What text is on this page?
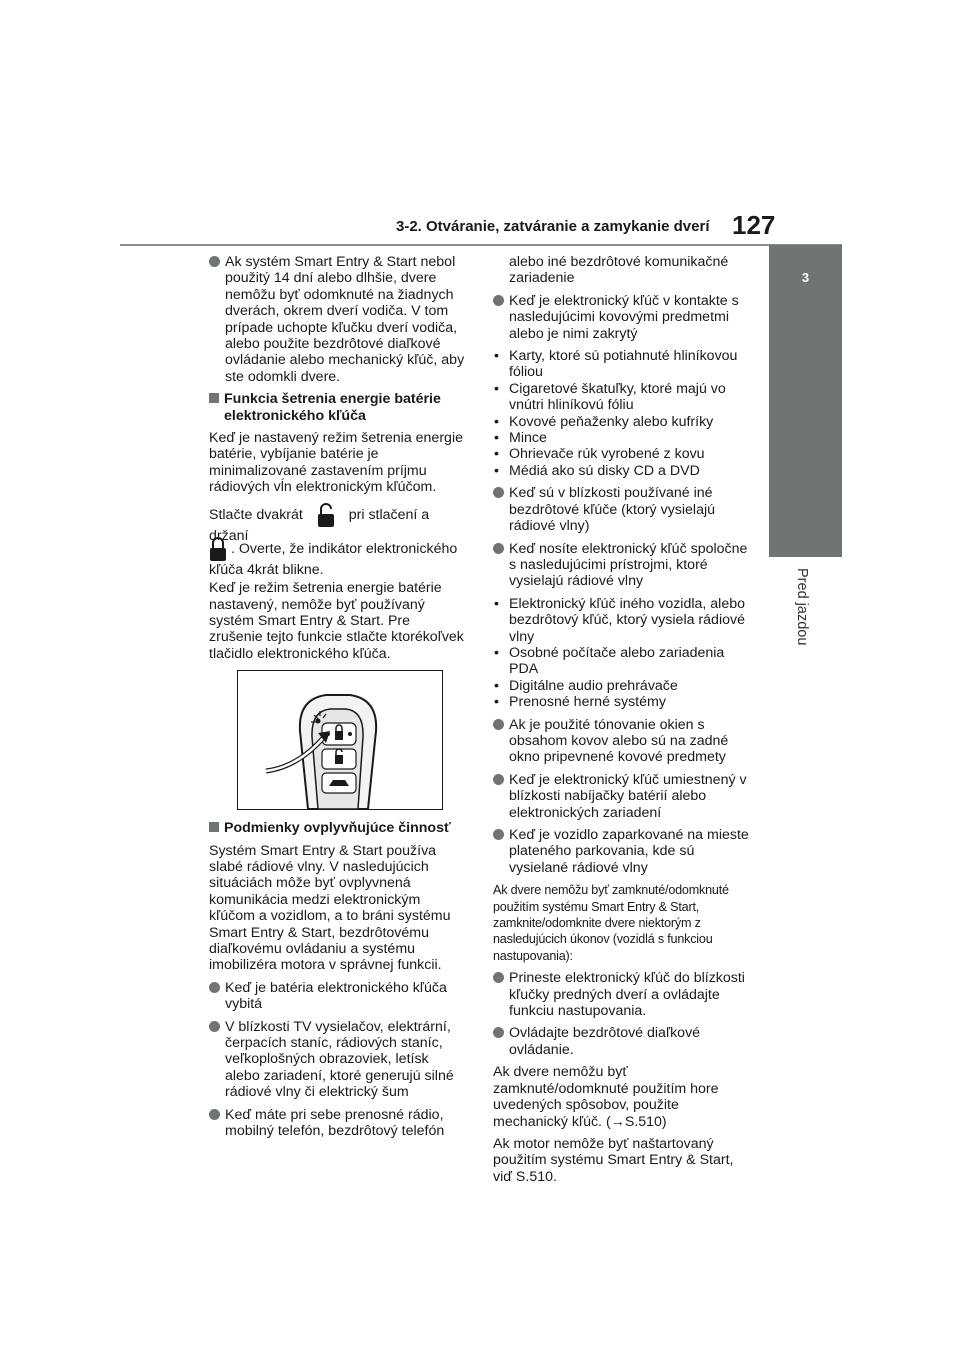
3-2. Otváranie, zatváranie a zamykanie dverí 127
3
Pred jazdou
Ak systém Smart Entry & Start nebol použitý 14 dní alebo dlhšie, dvere nemôžu byť odomknuté na žiadnych dverách, okrem dverí vodiča. V tom prípade uchopte kľučku dverí vodiča, alebo použite bezdrôtové diaľkové ovládanie alebo mechanický kľúč, aby ste odomkli dvere.
Funkcia šetrenia energie batérie elektronického kľúča

Keď je nastavený režim šetrenia energie batérie, vybíjanie batérie je minimalizované zastavením príjmu rádiových vĺn elektronickým kľúčom.

Stlačte dvakrát	pri stlačení a držaní
. Overte, že indikátor elektronického kľúča 4krát blikne.

Keď je režim šetrenia energie batérie nastavený, nemôže byť používaný systém Smart Entry & Start. Pre zrušenie tejto funkcie stlačte ktorékoľvek tlačidlo elektronického kľúča.

Podmienky ovplyvňujúce činnosť

Systém Smart Entry & Start používa slabé rádiové vlny. V nasledujúcich situáciách môže byť ovplyvnená komunikácia medzi elektronickým kľúčom a vozidlom, a to bráni systému Smart Entry & Start, bezdrôtovému diaľkovému ovládaniu a systému imobilizéra motora v správnej funkcii.

Keď je batéria elektronického kľúča vybitá
V blízkosti TV vysielačov, elektrární, čerpacích staníc, rádiových staníc, veľkoplošných obrazoviek, letísk alebo zariadení, ktoré generujú silné rádiové vlny či elektrický šum
Keď máte pri sebe prenosné rádio, mobilný telefón, bezdrôtový telefón

alebo iné bezdrôtové komunikačné zariadenie

Keď je elektronický kľúč v kontakte s nasledujúcimi kovovými predmetmi alebo je nimi zakrytý
• Karty, ktoré sú potiahnuté hliníkovou fóliou
• Cigaretové škatuľky, ktoré majú vo vnútri hliníkovú fóliu
• Kovové peňaženky alebo kufríky
• Mince
• Ohrievače rúk vyrobené z kovu
• Médiá ako sú disky CD a DVD
Keď sú v blízkosti používané iné bezdrôtové kľúče (ktorý vysielajú rádiové vlny)
Keď nosíte elektronický kľúč spoločne s nasledujúcimi prístrojmi, ktoré vysielajú rádiové vlny
• Elektronický kľúč iného vozidla, alebo bezdrôtový kľúč, ktorý vysiela rádiové vlny
• Osobné počítače alebo zariadenia PDA
• Digitálne audio prehrávače
• Prenosné herné systémy
Ak je použité tónovanie okien s obsahom kovov alebo sú na zadné okno pripevnené kovové predmety
Keď je elektronický kľúč umiestnený v blízkosti nabíjačky batérií alebo elektronických zariadení
Keď je vozidlo zaparkované na mieste plateného parkovania, kde sú vysielané rádiové vlny

Ak dvere nemôžu byť zamknuté/odomknuté použitím systému Smart Entry & Start, zamknite/odomknite dvere niektorým z nasledujúcich úkonov (vozidlá s funkciou nastupovania):

Prineste elektronický kľúč do blízkosti kľučky predných dverí a ovládajte funkciu nastupovania.
Ovládajte bezdrôtové diaľkové ovládanie.

Ak dvere nemôžu byť zamknuté/odomknuté použitím hore uvedených spôsobov, použite mechanický kľúč. (→S.510)

Ak motor nemôže byť naštartovaný použitím systému Smart Entry & Start, viď S.510.
